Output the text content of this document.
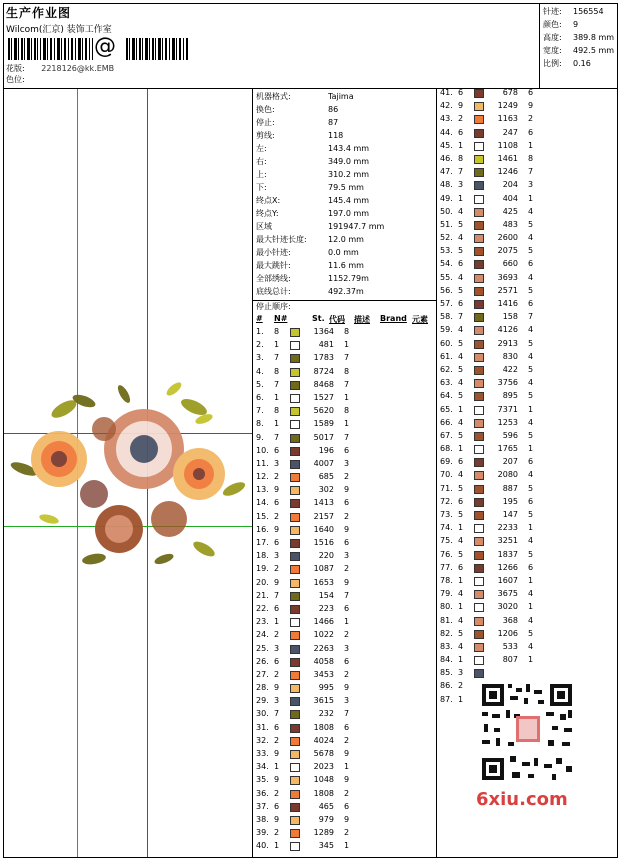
生产作业图
Wilcom(汇京) 装饰工作室
@
花版: 2218126@kk.EMB
色位:
针迹: 156554
颜色: 9
高度: 389.8 mm
宽度: 492.5 mm
比例: 0.16
机器格式:	Tajima
换色:	86
停止:	87
剪线:	118
左:	143.4 mm
右:	349.0 mm
上:	310.2 mm
下:	79.5 mm
终点X:	145.4 mm
终点Y:	197.0 mm
区域	191947.7 mm
最大针迹长度:	12.0 mm
最小针迹:	0.0 mm
最大跳针:	11.6 mm
全部绣线:	1152.79m
底线总计:	492.37m
停止顺序:
# N#	St. 代码 描述 Brand 元素
1.	8	1364 8
2.	1	481 1
3.	7	1783 7
4.	8	8724 8
5.	7	8468 7
6.	1	1527 1
7.	8	5620 8
8.	1	1589 1
9.	7	5017 7
10. 6	196 6
11. 3	4007 3
12. 2	685 2
13. 9	302 9
14. 6	1413 6
15. 2	2157 2
16. 9	1640 9
17. 6	1516 6
18. 3	220 3
19. 2	1087 2
20. 9	1653 9
21. 7	154 7
22. 6	223 6
23. 1	1466 1
24. 2	1022 2
25. 3	2263 3
26. 6	4058 6
27. 2	3453 2
28. 9	995 9
29. 3	3615 3
30. 7	232 7
31. 6	1808 6
32. 2	4024 2
33. 9	5678 9
34. 1	2023 1
35. 9	1048 9
36. 2	1808 2
37. 6	465 6
38. 9	979 9
39. 2	1289 2
40. 1	345 1
41. 6	678 6
42. 9	1249 9
43. 2	1163 2
44. 6	247 6
45. 1	1108 1
46. 8	1461 8
47. 7	1246 7
48. 3	204 3
49. 1	404 1
50. 4	425 4
51. 5	483 5
52. 4	2600 4
53. 5	2075 5
54. 6	660 6
55. 4	3693 4
56. 5	2571 5
57. 6	1416 6
58. 7	158 7
59. 4	4126 4
60. 5	2913 5
61. 4	830 4
62. 5	422 5
63. 4	3756 4
64. 5	895 5
65. 1	7371 1
66. 4	1253 4
67. 5	596 5
68. 1	1765 1
69. 6	207 6
70. 4	2080 4
71. 5	887 5
72. 6	195 6
73. 5	147 5
74. 1	2233 1
75. 4	3251 4
76. 5	1837 5
77. 6	1266 6
78. 1	1607 1
79. 4	3675 4
80. 1	3020 1
81. 4	368 4
82. 5	1206 5
83. 4	533 4
84. 1	807 1
85. 3
86. 2
87. 1
6xiu.com
